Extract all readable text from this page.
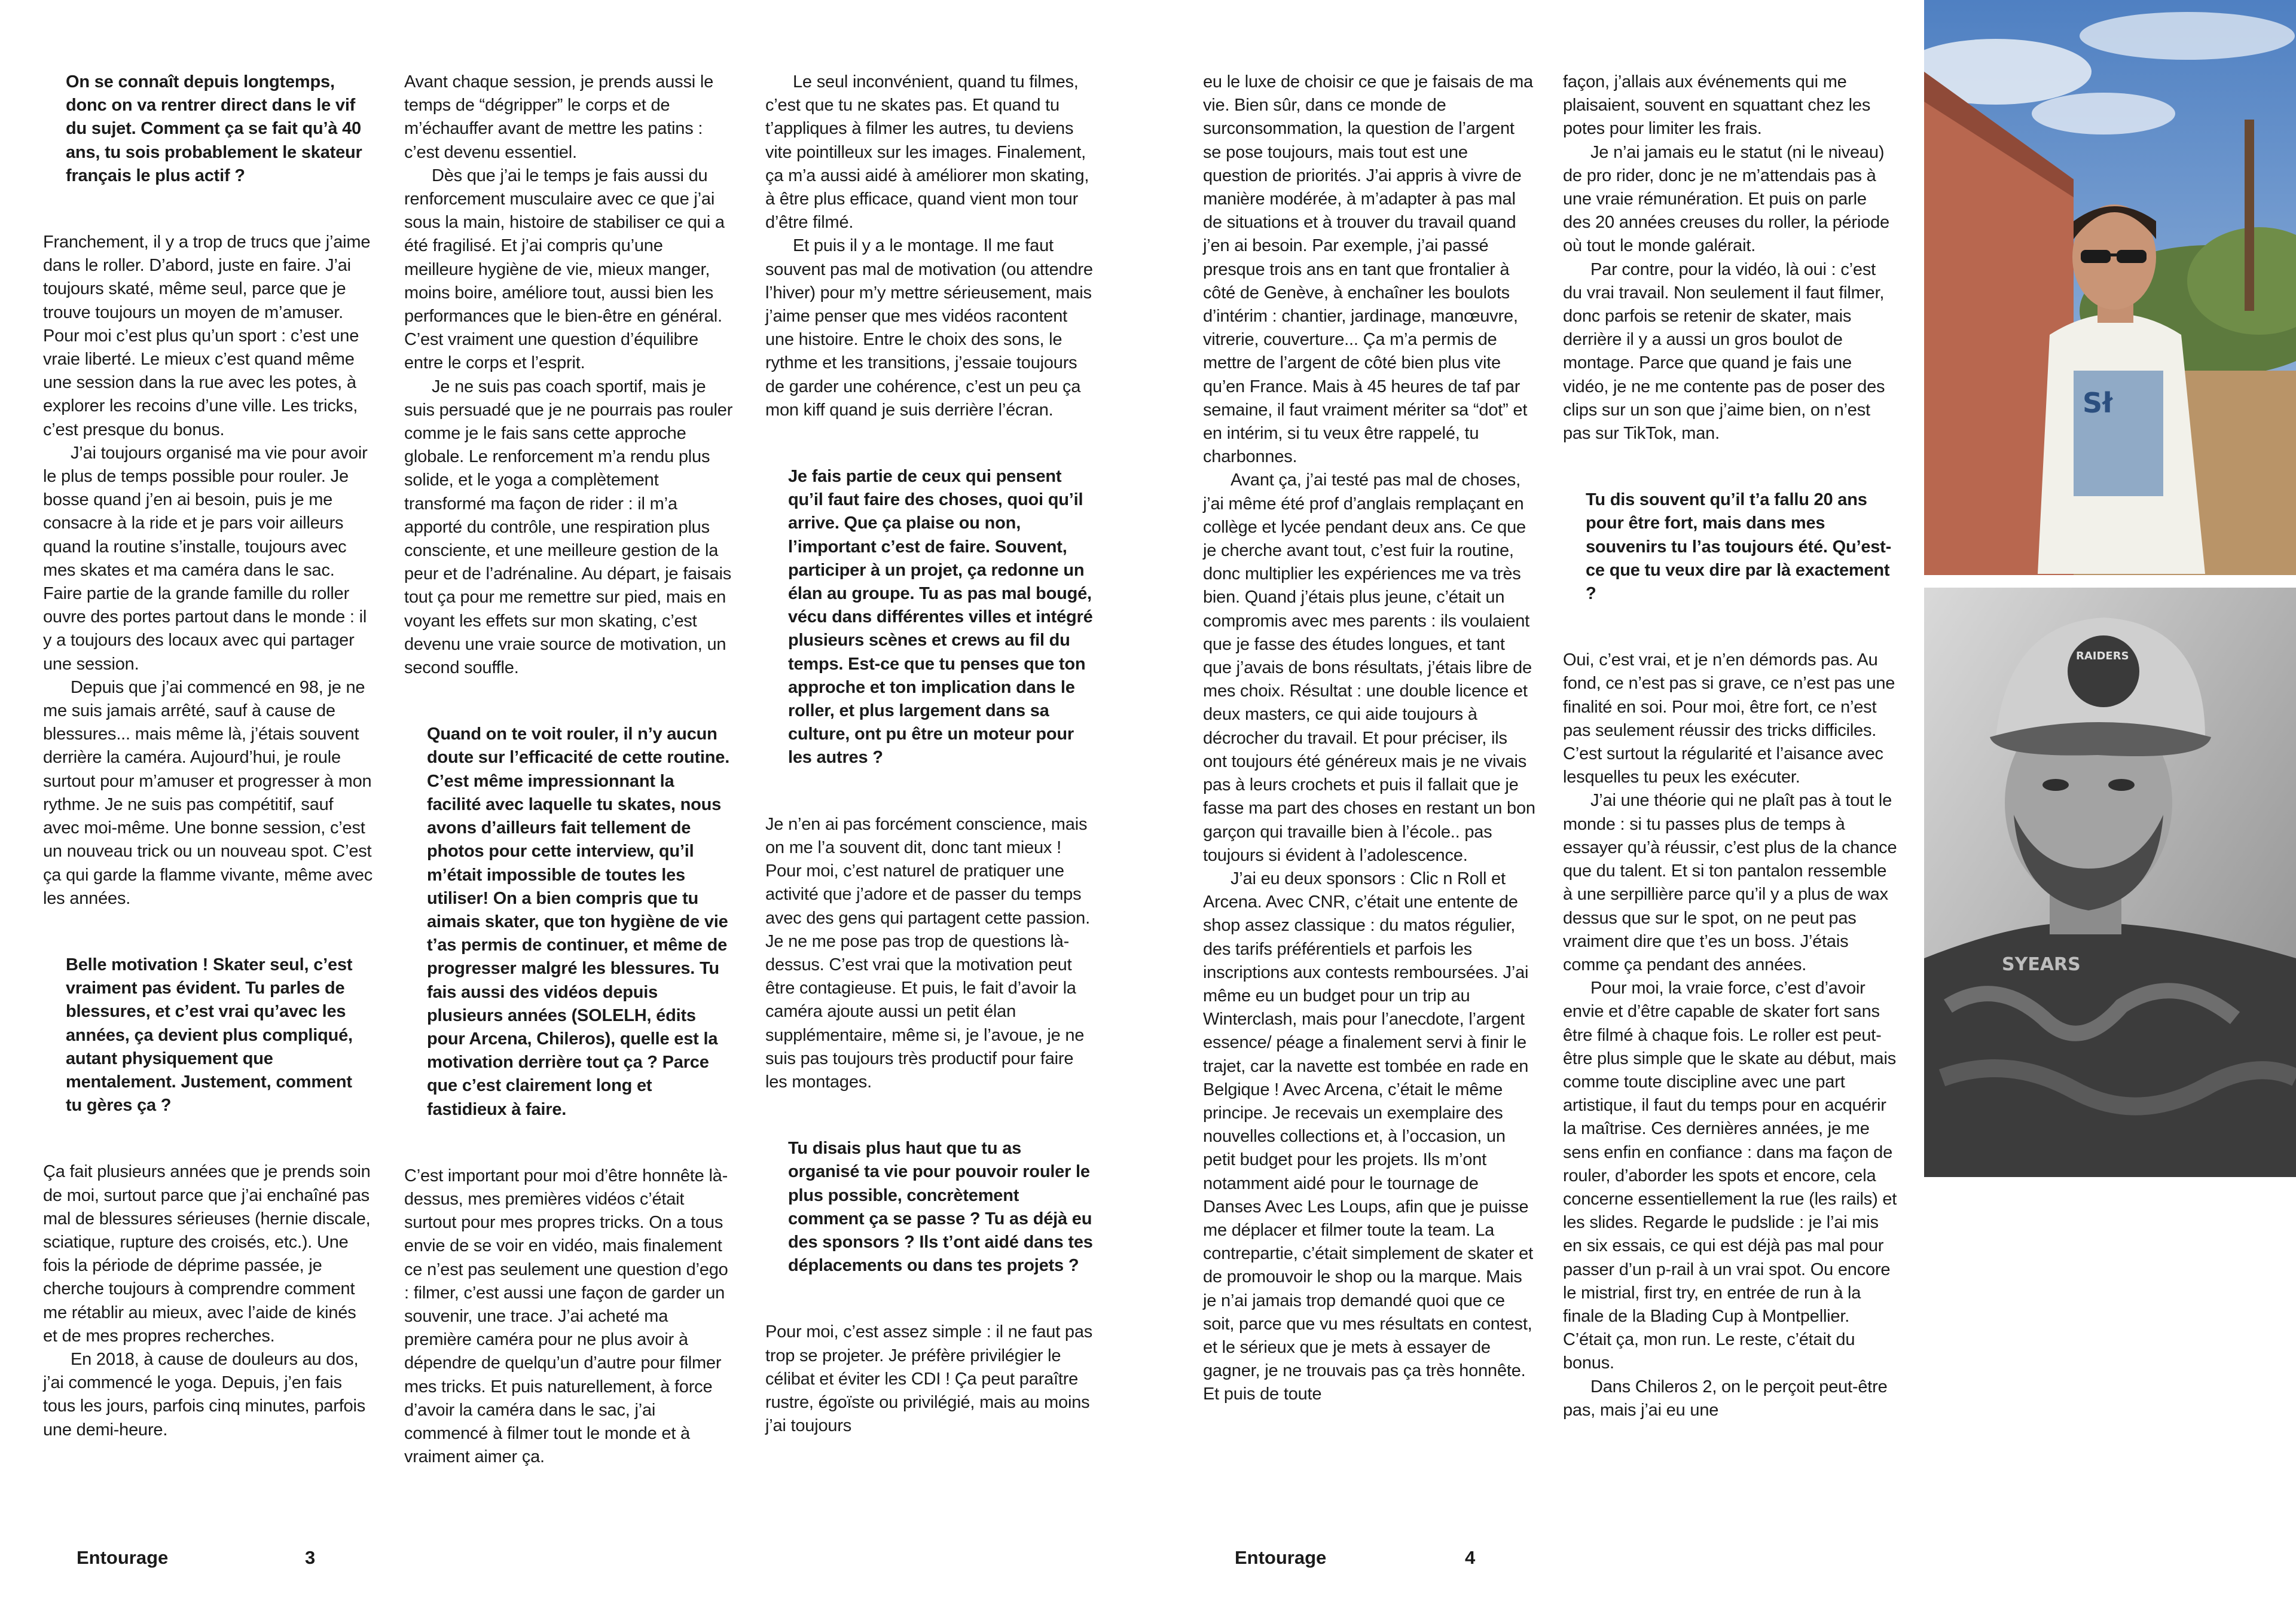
On se connaît depuis longtemps, donc on va rentrer direct dans le vif du sujet. Comment ça se fait qu’à 40 ans, tu sois probablement le skateur français le plus actif ?

Franchement, il y a trop de trucs que j’aime dans le roller. D’abord, juste en faire. J’ai toujours skaté, même seul, parce que je trouve toujours un moyen de m’amuser. Pour moi c’est plus qu’un sport : c’est une vraie liberté. Le mieux c’est quand même une session dans la rue avec les potes, à explorer les recoins d’une ville. Les tricks, c’est presque du bonus.

J’ai toujours organisé ma vie pour avoir le plus de temps possible pour rouler. Je bosse quand j’en ai besoin, puis je me consacre à la ride et je pars voir ailleurs quand la routine s’installe, toujours avec mes skates et ma caméra dans le sac. Faire partie de la grande famille du roller ouvre des portes partout dans le monde : il y a toujours des locaux avec qui partager une session.

Depuis que j’ai commencé en 98, je ne me suis jamais arrêté, sauf à cause de blessures... mais même là, j’étais souvent derrière la caméra. Aujourd’hui, je roule surtout pour m’amuser et progresser à mon rythme. Je ne suis pas compétitif, sauf avec moi-même. Une bonne session, c’est un nouveau trick ou un nouveau spot. C’est ça qui garde la flamme vivante, même avec les années.

Belle motivation ! Skater seul, c’est vraiment pas évident. Tu parles de blessures, et c’est vrai qu’avec les années, ça devient plus compliqué, autant physiquement que mentalement. Justement, comment tu gères ça ?

Ça fait plusieurs années que je prends soin de moi, surtout parce que j’ai enchaîné pas mal de blessures sérieuses (hernie discale, sciatique, rupture des croisés, etc.). Une fois la période de déprime passée, je cherche toujours à comprendre comment me rétablir au mieux, avec l’aide de kinés et de mes propres recherches.

En 2018, à cause de douleurs au dos, j’ai commencé le yoga. Depuis, j’en fais tous les jours, parfois cinq minutes, parfois une demi-heure.

Avant chaque session, je prends aussi le temps de “dégripper” le corps et de m’échauffer avant de mettre les patins : c’est devenu essentiel.

Dès que j’ai le temps je fais aussi du renforcement musculaire avec ce que j’ai sous la main, histoire de stabiliser ce qui a été fragilisé. Et j’ai compris qu’une meilleure hygiène de vie, mieux manger, moins boire, améliore tout, aussi bien les performances que le bien-être en général. C’est vraiment une question d’équilibre entre le corps et l’esprit.

Je ne suis pas coach sportif, mais je suis persuadé que je ne pourrais pas rouler comme je le fais sans cette approche globale. Le renforcement m’a rendu plus solide, et le yoga a complètement transformé ma façon de rider : il m’a apporté du contrôle, une respiration plus consciente, et une meilleure gestion de la peur et de l’adrénaline. Au départ, je faisais tout ça pour me remettre sur pied, mais en voyant les effets sur mon skating, c’est devenu une vraie source de motivation, un second souffle.

Quand on te voit rouler, il n’y aucun doute sur l’efficacité de cette routine. C’est même impressionnant la facilité avec laquelle tu skates, nous avons d’ailleurs fait tellement de photos pour cette interview, qu’il m’était impossible de toutes les utiliser! On a bien compris que tu aimais skater, que ton hygiène de vie t’as permis de continuer, et même de progresser malgré les blessures. Tu fais aussi des vidéos depuis plusieurs années (SOLELH, édits pour Arcena, Chileros), quelle est la motivation derrière tout ça ? Parce que c’est clairement long et fastidieux à faire.

C’est important pour moi d’être honnête là-dessus, mes premières vidéos c’était surtout pour mes propres tricks. On a tous envie de se voir en vidéo, mais finalement ce n’est pas seulement une question d’ego : filmer, c’est aussi une façon de garder un souvenir, une trace. J’ai acheté ma première caméra pour ne plus avoir à dépendre de quelqu’un d’autre pour filmer mes tricks. Et puis naturellement, à force d’avoir la caméra dans le sac, j’ai commencé à filmer tout le monde et à vraiment aimer ça.

Le seul inconvénient, quand tu filmes, c’est que tu ne skates pas. Et quand tu t’appliques à filmer les autres, tu deviens vite pointilleux sur les images. Finalement, ça m’a aussi aidé à améliorer mon skating, à être plus efficace, quand vient mon tour d’être filmé.

Et puis il y a le montage. Il me faut souvent pas mal de motivation (ou attendre l’hiver) pour m’y mettre sérieusement, mais j’aime penser que mes vidéos racontent une histoire. Entre le choix des sons, le rythme et les transitions, j’essaie toujours de garder une cohérence, c’est un peu ça mon kiff quand je suis derrière l’écran.

Je fais partie de ceux qui pensent qu’il faut faire des choses, quoi qu’il arrive. Que ça plaise ou non, l’important c’est de faire. Souvent, participer à un projet, ça redonne un élan au groupe. Tu as pas mal bougé, vécu dans différentes villes et intégré plusieurs scènes et crews au fil du temps. Est-ce que tu penses que ton approche et ton implication dans le roller, et plus largement dans sa culture, ont pu être un moteur pour les autres ?

Je n’en ai pas forcément conscience, mais on me l’a souvent dit, donc tant mieux ! Pour moi, c’est naturel de pratiquer une activité que j’adore et de passer du temps avec des gens qui partagent cette passion. Je ne me pose pas trop de questions là-dessus. C’est vrai que la motivation peut être contagieuse. Et puis, le fait d’avoir la caméra ajoute aussi un petit élan supplémentaire, même si, je l’avoue, je ne suis pas toujours très productif pour faire les montages.

Tu disais plus haut que tu as organisé ta vie pour pouvoir rouler le plus possible, concrètement comment ça se passe ? Tu as déjà eu des sponsors ? Ils t’ont aidé dans tes déplacements ou dans tes projets ?

Pour moi, c’est assez simple : il ne faut pas trop se projeter. Je préfère privilégier le célibat et éviter les CDI ! Ça peut paraître rustre, égoïste ou privilégié, mais au moins j’ai toujours

Entourage	3

eu le luxe de choisir ce que je faisais de ma vie. Bien sûr, dans ce monde de surconsommation, la question de l’argent se pose toujours, mais tout est une question de priorités. J’ai appris à vivre de manière modérée, à m’adapter à pas mal de situations et à trouver du travail quand j’en ai besoin. Par exemple, j’ai passé presque trois ans en tant que frontalier à côté de Genève, à enchaîner les boulots d’intérim : chantier, jardinage, manœuvre, vitrerie, couverture... Ça m’a permis de mettre de l’argent de côté bien plus vite qu’en France. Mais à 45 heures de taf par semaine, il faut vraiment mériter sa “dot” et en intérim, si tu veux être rappelé, tu charbonnes.

Avant ça, j’ai testé pas mal de choses, j’ai même été prof d’anglais remplaçant en collège et lycée pendant deux ans. Ce que je cherche avant tout, c’est fuir la routine, donc multiplier les expériences me va très bien. Quand j’étais plus jeune, c’était un compromis avec mes parents : ils voulaient que je fasse des études longues, et tant que j’avais de bons résultats, j’étais libre de mes choix. Résultat : une double licence et deux masters, ce qui aide toujours à décrocher du travail. Et pour préciser, ils ont toujours été généreux mais je ne vivais pas à leurs crochets et puis il fallait que je fasse ma part des choses en restant un bon garçon qui travaille bien à l’école.. pas toujours si évident à l’adolescence.

J’ai eu deux sponsors : Clic n Roll et Arcena. Avec CNR, c’était une entente de shop assez classique : du matos régulier, des tarifs préférentiels et parfois les inscriptions aux contests remboursées. J’ai même eu un budget pour un trip au Winterclash, mais pour l’anecdote, l’argent essence/ péage a finalement servi à finir le trajet, car la navette est tombée en rade en Belgique ! Avec Arcena, c’était le même principe. Je recevais un exemplaire des nouvelles collections et, à l’occasion, un petit budget pour les projets. Ils m’ont notamment aidé pour le tournage de Danses Avec Les Loups, afin que je puisse me déplacer et filmer toute la team. La contrepartie, c’était simplement de skater et de promouvoir le shop ou la marque. Mais je n’ai jamais trop demandé quoi que ce soit, parce que vu mes résultats en contest, et le sérieux que je mets à essayer de gagner, je ne trouvais pas ça très honnête. Et puis de toute

façon, j’allais aux événements qui me plaisaient, souvent en squattant chez les potes pour limiter les frais.

Je n’ai jamais eu le statut (ni le niveau) de pro rider, donc je ne m’attendais pas à une vraie rémunération. Et puis on parle des 20 années creuses du roller, la période où tout le monde galérait.

Par contre, pour la vidéo, là oui : c’est du vrai travail. Non seulement il faut filmer, donc parfois se retenir de skater, mais derrière il y a aussi un gros boulot de montage. Parce que quand je fais une vidéo, je ne me contente pas de poser des clips sur un son que j’aime bien, on n’est pas sur TikTok, man.

Tu dis souvent qu’il t’a fallu 20 ans pour être fort, mais dans mes souvenirs tu l’as toujours été. Qu’est-ce que tu veux dire par là exactement ?

Oui, c’est vrai, et je n’en démords pas. Au fond, ce n’est pas si grave, ce n’est pas une finalité en soi. Pour moi, être fort, ce n’est pas seulement réussir des tricks difficiles. C’est surtout la régularité et l’aisance avec lesquelles tu peux les exécuter.

J’ai une théorie qui ne plaît pas à tout le monde : si tu passes plus de temps à essayer qu’à réussir, c’est plus de la chance que du talent. Et si ton pantalon ressemble à une serpillière parce qu’il y a plus de wax dessus que sur le spot, on ne peut pas vraiment dire que t’es un boss. J’étais comme ça pendant des années.

Pour moi, la vraie force, c’est d’avoir envie et d’être capable de skater fort sans être filmé à chaque fois. Le roller est peut-être plus simple que le skate au début, mais comme toute discipline avec une part artistique, il faut du temps pour en acquérir la maîtrise. Ces dernières années, je me sens enfin en confiance : dans ma façon de rouler, d’aborder les spots et encore, cela concerne essentiellement la rue (les rails) et les slides. Regarde le pudslide : je l’ai mis en six essais, ce qui est déjà pas mal pour passer d’un p-rail à un vrai spot. Ou encore le mistrial, first try, en entrée de run à la finale de la Blading Cup à Montpellier. C’était ça, mon run. Le reste, c’était du bonus.

Dans Chileros 2, on le perçoit peut-être pas, mais j’ai eu une

Entourage	4
Sł
RAIDERS
SYEARS
